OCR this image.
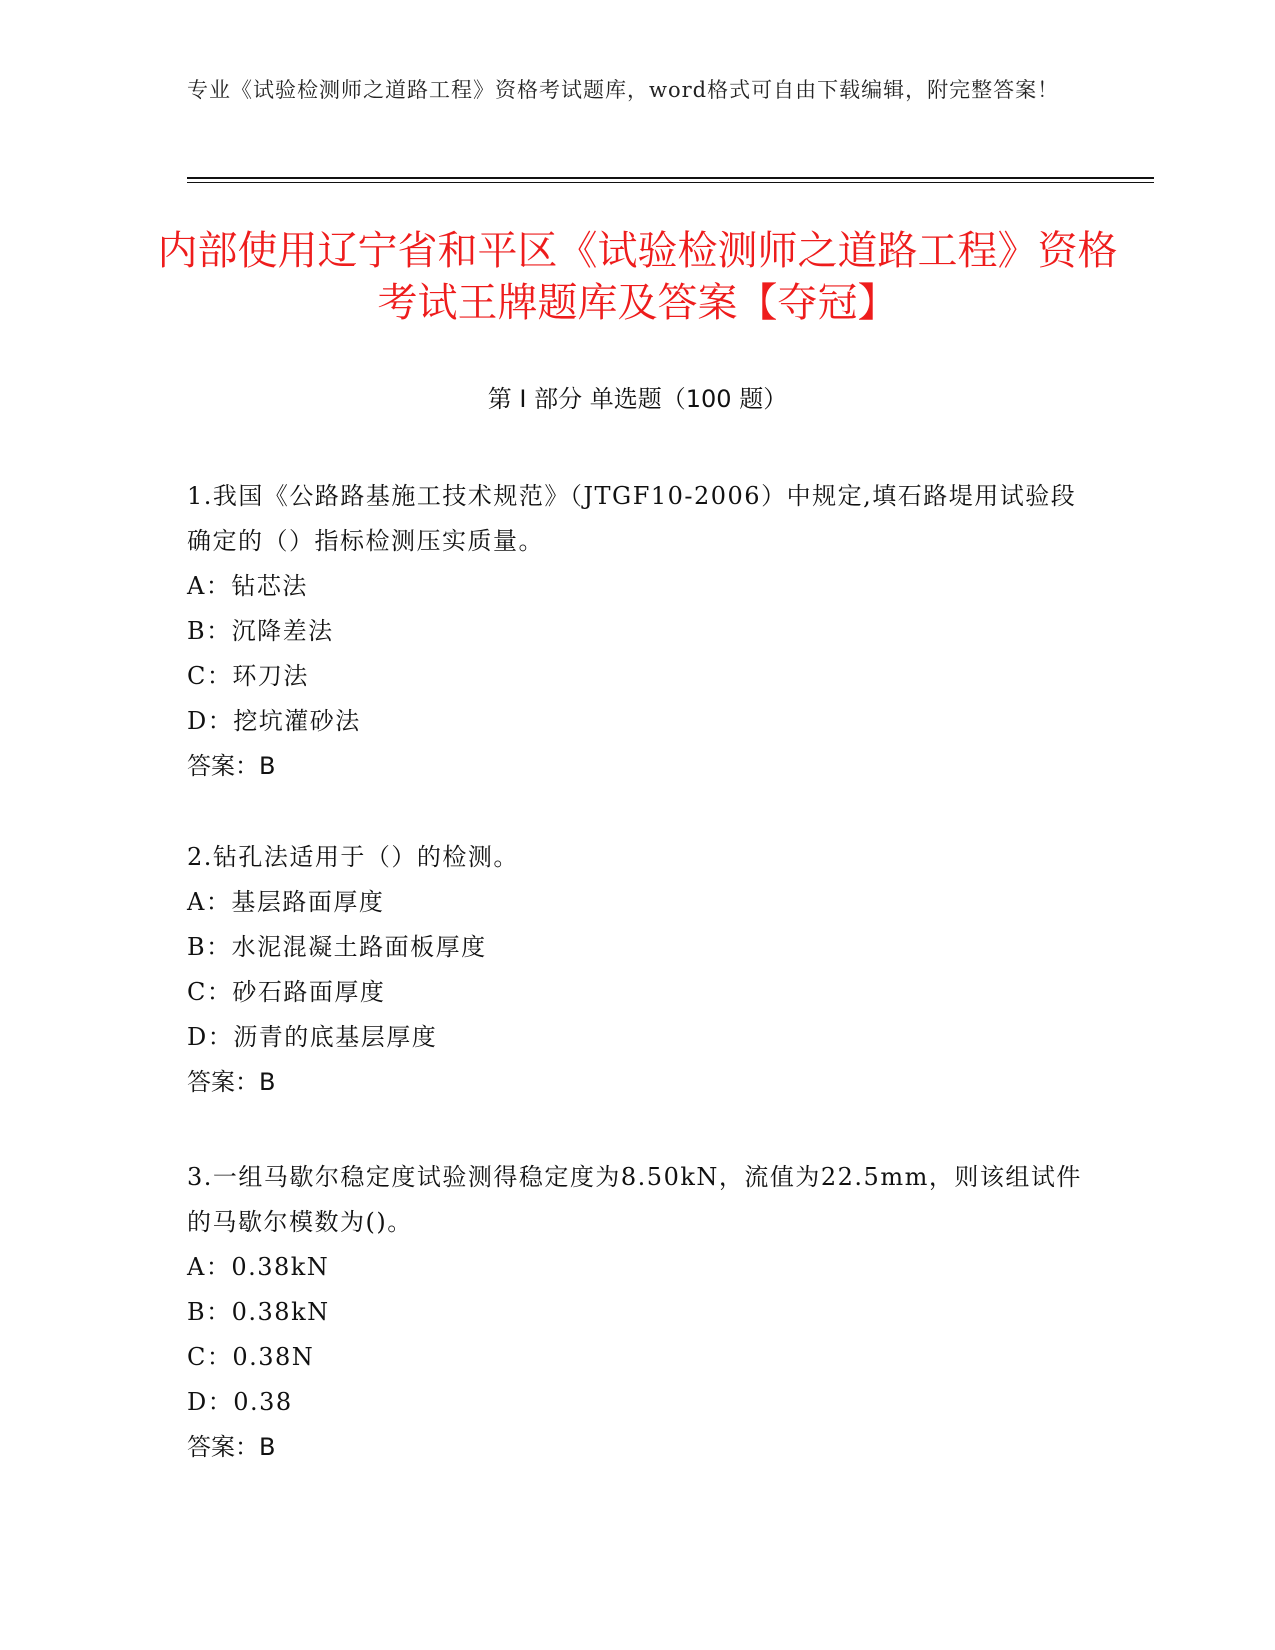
专业《试验检测师之道路工程》资格考试题库，word格式可自由下载编辑，附完整答案！
内部使用辽宁省和平区《试验检测师之道路工程》资格考试王牌题库及答案【夺冠】
第 I 部分 单选题（100 题）

1.我国《公路路基施工技术规范》（JTGF10-2006）中规定,填石路堤用试验段确定的（）指标检测压实质量。

A：钻芯法

B：沉降差法

C：环刀法

D：挖坑灌砂法

答案：B

2.钻孔法适用于（）的检测。

A：基层路面厚度

B：水泥混凝土路面板厚度

C：砂石路面厚度

D：沥青的底基层厚度

答案：B

3.一组马歇尔稳定度试验测得稳定度为8.50kN，流值为22.5mm，则该组试件的马歇尔模数为()。

A：0.38kN

B：0.38kN

C：0.38N

D：0.38

答案：B
